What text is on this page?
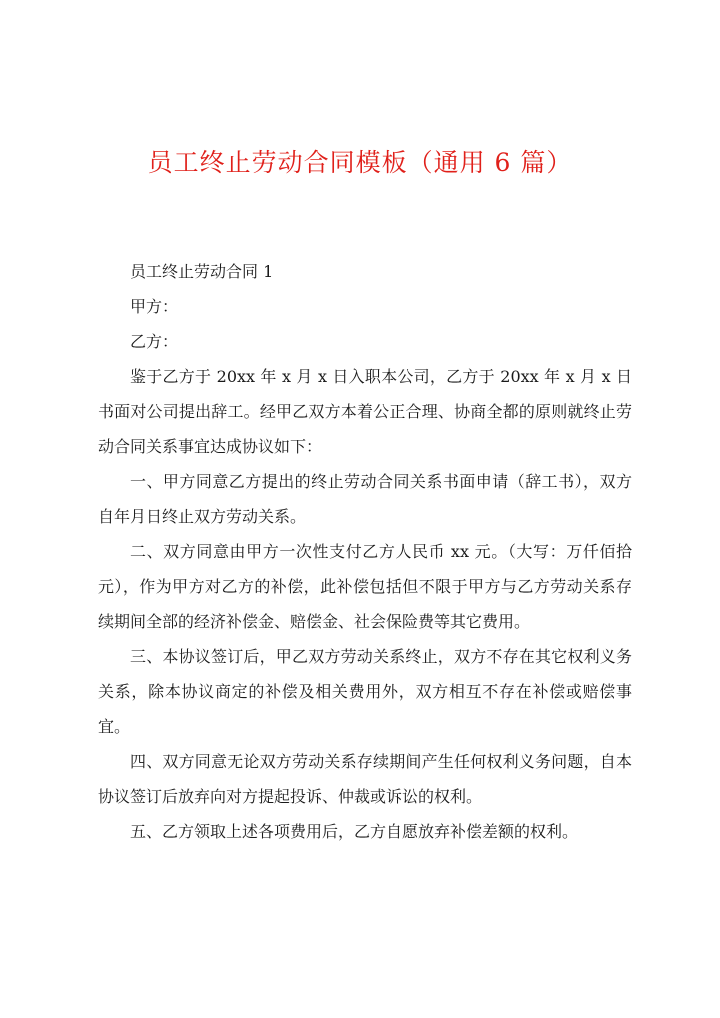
员工终止劳动合同模板（通用 6 篇）

员工终止劳动合同 1

甲方：

乙方：

鉴于乙方于 20xx 年 x 月 x 日入职本公司，乙方于 20xx 年 x 月 x 日书面对公司提出辞工。经甲乙双方本着公正合理、协商全都的原则就终止劳动合同关系事宜达成协议如下：

一、甲方同意乙方提出的终止劳动合同关系书面申请（辞工书），双方自年月日终止双方劳动关系。

二、双方同意由甲方一次性支付乙方人民币 xx 元。（大写：万仟佰拾元），作为甲方对乙方的补偿，此补偿包括但不限于甲方与乙方劳动关系存续期间全部的经济补偿金、赔偿金、社会保险费等其它费用。

三、本协议签订后，甲乙双方劳动关系终止，双方不存在其它权利义务关系，除本协议商定的补偿及相关费用外，双方相互不存在补偿或赔偿事宜。

四、双方同意无论双方劳动关系存续期间产生任何权利义务问题，自本协议签订后放弃向对方提起投诉、仲裁或诉讼的权利。

五、乙方领取上述各项费用后，乙方自愿放弃补偿差额的权利。
